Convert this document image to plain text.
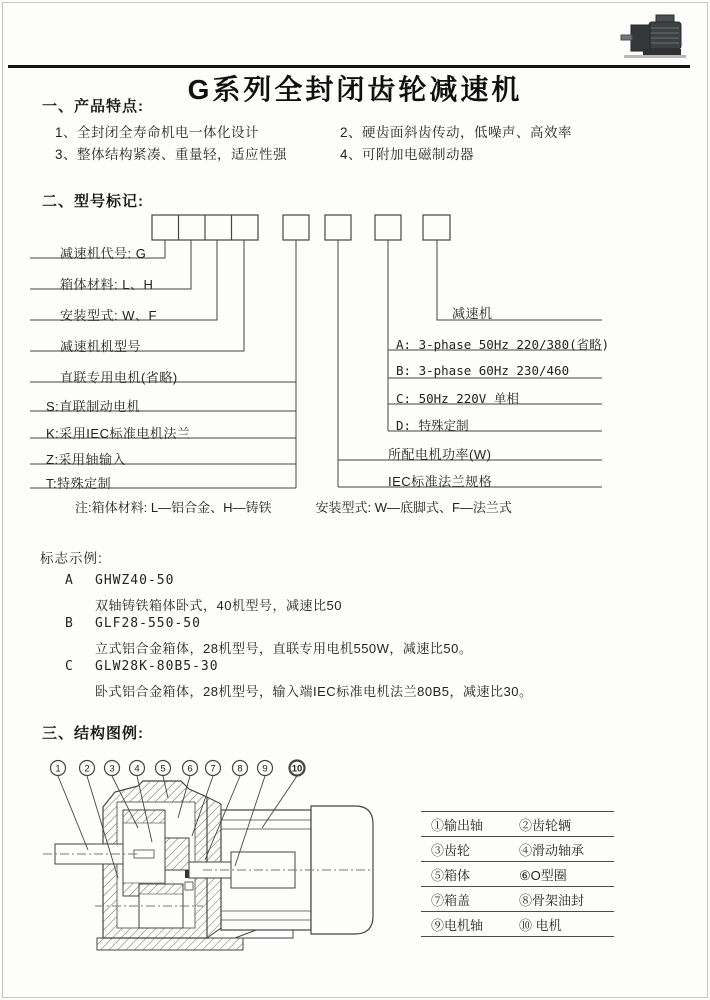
G系列全封闭齿轮减速机
一、产品特点:
1、全封闭全寿命机电一体化设计	2、硬齿面斜齿传动，低噪声、高效率
3、整体结构紧凑、重量轻，适应性强	4、可附加电磁制动器
二、型号标记:
减速机代号: G
箱体材料: L、H
安装型式: W、F
减速机机型号
直联专用电机(省略)
S:直联制动电机
K:采用IEC标准电机法兰
Z:采用轴输入
T:特殊定制
减速机
A: 3-phase 50Hz 220/380(省略)
B: 3-phase 60Hz 230/460
C: 50Hz 220V 单相
D: 特殊定制
所配电机功率(W)
IEC标准法兰规格
注:箱体材料: L—铝合金、H—铸铁	安装型式: W—底脚式、F—法兰式
标志示例:
A GHWZ40-50
双轴铸铁箱体卧式，40机型号，减速比50
B GLF28-550-50
立式铝合金箱体，28机型号，直联专用电机550W，减速比50。
C GLW28K-80B5-30
卧式铝合金箱体，28机型号，输入端IEC标准电机法兰80B5，减速比30。
三、结构图例:
1 2 3 4 5 6 7 8 9	10
①输出轴	②齿轮辆
③齿轮	④滑动轴承
⑤箱体	⑥O型圈
⑦箱盖	⑧骨架油封
⑨电机轴	⑩ 电机
